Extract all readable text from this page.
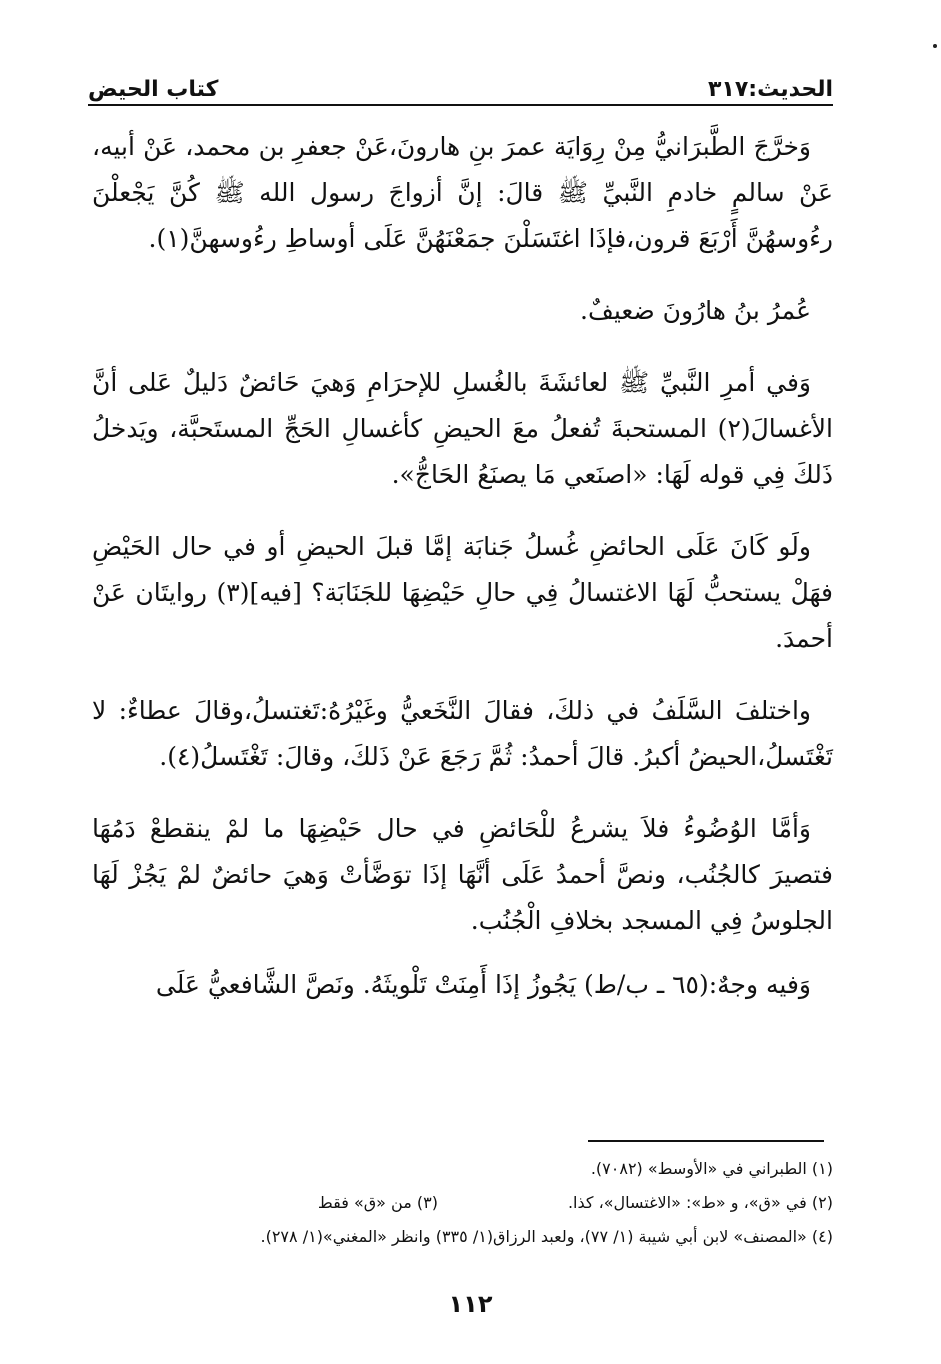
الحديث:٣١٧
كتاب الحيض

وَخرَّجَ الطَّبرَانيُّ مِنْ رِوَايَة عمرَ بنِ هارونَ،عَنْ جعفرِ بن محمد، عَنْ أبيه، عَنْ سالمٍ خادمِ النَّبيِّ ﷺ قالَ: إنَّ أزواجَ رسول الله ﷺ كُنَّ يَجْعلْنَ رءُوسهُنَّ أَرْبَعَ قرون،فإذَا اغتَسَلْنَ جمَعْنَهُنَّ عَلَى أوساطِ رءُوسهنَّ(١).

عُمرُ بنُ هارُونَ ضعيفٌ.

وَفي أمرِ النَّبيِّ ﷺ لعائشَةَ بالغُسلِ للإحرَامِ وَهيَ حَائضٌ دَليلٌ عَلى أنَّ الأغسالَ(٢) المستحبةَ تُفعلُ معَ الحيضِ كأغسالِ الحَجِّ المستَحبَّة، ويَدخلُ ذَلكَ فِي قوله لَهَا: «اصنَعي مَا يصنَعُ الحَاجُّ».

ولَو كَانَ عَلَى الحائضِ غُسلُ جَنابَة إمَّا قبلَ الحيضِ أو في حال الحَيْضِ فهَلْ يستحبُّ لَهَا الاغتسالُ فِي حالِ حَيْضِهَا للجَنَابَة؟ [فيه](٣) روايتَان عَنْ أحمدَ.

واختلفَ السَّلَفُ في ذلكَ، فقالَ النَّخَعيُّ وغَيْرُهُ:تَغتسلُ،وقالَ عطاءٌ: لا تَغْتَسلُ،الحيضُ أكبرُ. قالَ أحمدُ: ثُمَّ رَجَعَ عَنْ ذَلكَ، وقالَ: تَغْتَسلُ(٤).

وَأمَّا الوُضُوءُ فلاَ يشرعُ للْحَائضِ في حال حَيْضِهَا ما لمْ ينقطعْ دَمُهَا فتصيرَ كالجُنُب، ونصَّ أحمدُ عَلَى أنَّهَا إذَا توَضَّأتْ وَهيَ حائضٌ لمْ يَجُزْ لَهَا الجلوسُ فِي المسجد بخلافِ الْجُنُب.

وَفيه وجهٌ:(٦٥ ـ ب/ط) يَجُوزُ إذَا أَمِنَتْ تَلْويثَهُ. ونَصَّ الشَّافعيُّ عَلَى

(١) الطبراني في «الأوسط» (٧٠٨٢).
(٢) في «ق»، و «ط»: «الاغتسال»، كذا.
(٣) من «ق» فقط
(٤) «المصنف» لابن أبي شيبة (١/ ٧٧)، ولعبد الرزاق(١/ ٣٣٥) وانظر «المغني»(١/ ٢٧٨).
١١٢
